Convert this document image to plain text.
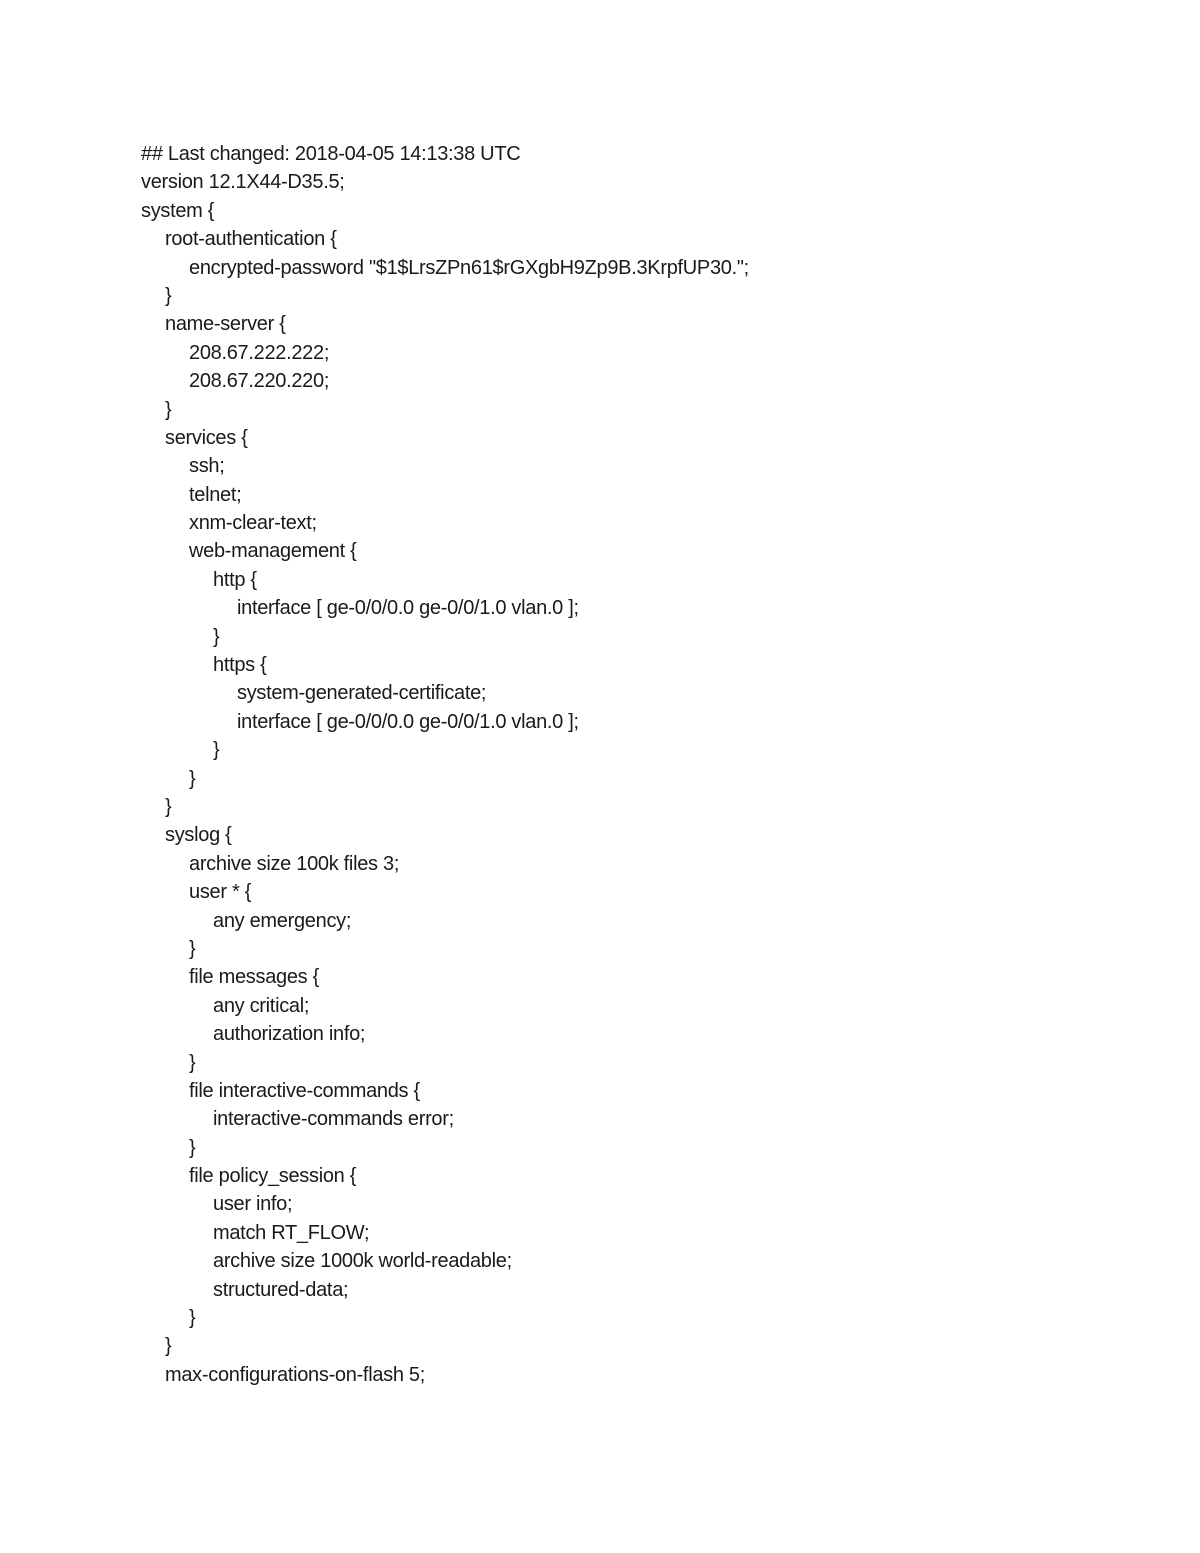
## Last changed: 2018-04-05 14:13:38 UTC
version 12.1X44-D35.5;
system {
root-authentication {
encrypted-password "$1$LrsZPn61$rGXgbH9Zp9B.3KrpfUP30.";
}
name-server {
208.67.222.222;
208.67.220.220;
}
services {
ssh;
telnet;
xnm-clear-text;
web-management {
http {
interface [ ge-0/0/0.0 ge-0/0/1.0 vlan.0 ];
}
https {
system-generated-certificate;
interface [ ge-0/0/0.0 ge-0/0/1.0 vlan.0 ];
}
}
}
syslog {
archive size 100k files 3;
user * {
any emergency;
}
file messages {
any critical;
authorization info;
}
file interactive-commands {
interactive-commands error;
}
file policy_session {
user info;
match RT_FLOW;
archive size 1000k world-readable;
structured-data;
}
}
max-configurations-on-flash 5;
